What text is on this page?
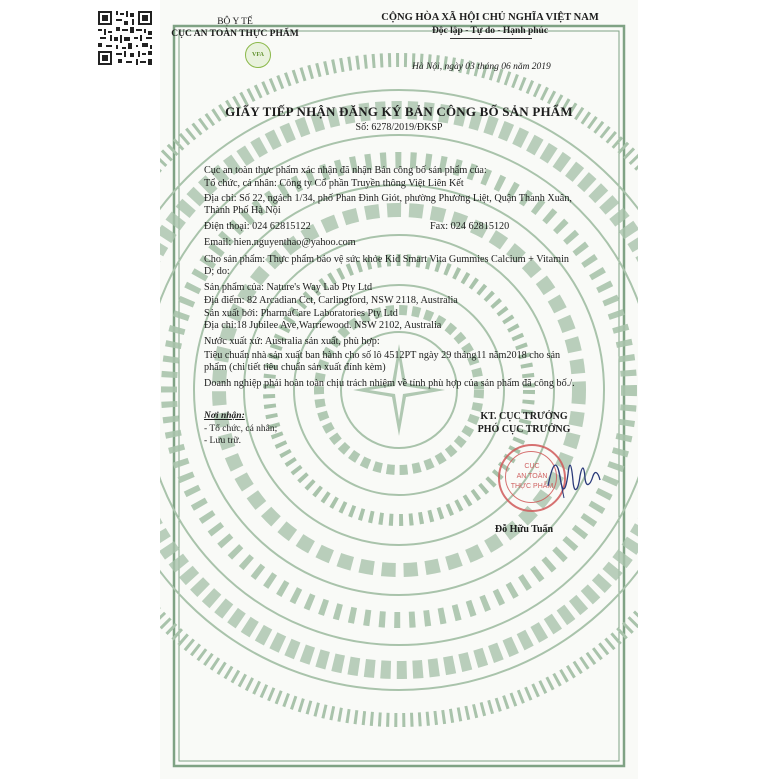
BỘ Y TẾ
CỤC AN TOÀN THỰC PHẨM
VFA
CỘNG HÒA XÃ HỘI CHỦ NGHĨA VIỆT NAM
Độc lập - Tự do - Hạnh phúc
Hà Nội, ngày 03 tháng 06 năm 2019
GIẤY TIẾP NHẬN ĐĂNG KÝ BẢN CÔNG BỐ SẢN PHẨM
Số: 6278/2019/ĐKSP
Cục an toàn thực phẩm xác nhận đã nhận Bản công bố sản phẩm của:
Tổ chức, cá nhân: Công ty Cổ phần Truyền thông Việt Liên Kết
Địa chỉ: Số 22, ngách 1/34, phố Phan Đình Giót, phường Phương Liệt, Quận Thanh Xuân,
Thành Phố Hà Nội
Điện thoại: 024 62815122	Fax: 024 62815120
Email: hien.nguyenthao@yahoo.com
Cho sản phẩm: Thực phẩm bảo vệ sức khỏe Kid Smart Vita Gummies Calcium + Vitamin
D; do:
Sản phẩm của: Nature's Way Lab Pty Ltd
Địa điểm: 82 Arcadian Cct, Carlingford, NSW 2118, Australia
Sản xuất bởi: PharmaCare Laboratories Pty Ltd
Địa chỉ:18 Jubilee Ave,Warriewood. NSW 2102, Australia
Nước xuất xứ: Australia sản xuất, phù hợp:
Tiêu chuẩn nhà sản xuất ban hành cho số lô 4512PT ngày 29 tháng11 năm2018 cho sản
phẩm (chi tiết tiêu chuẩn sản xuất đính kèm)
Doanh nghiệp phải hoàn toàn chịu trách nhiệm về tính phù hợp của sản phẩm đã công bố./.
Nơi nhận:
- Tổ chức, cá nhân;
- Lưu trữ.
KT. CỤC TRƯỞNG
PHÓ CỤC TRƯỞNG
CỤC
AN TOÀN
THỰC PHẨM
Đỗ Hữu Tuấn
